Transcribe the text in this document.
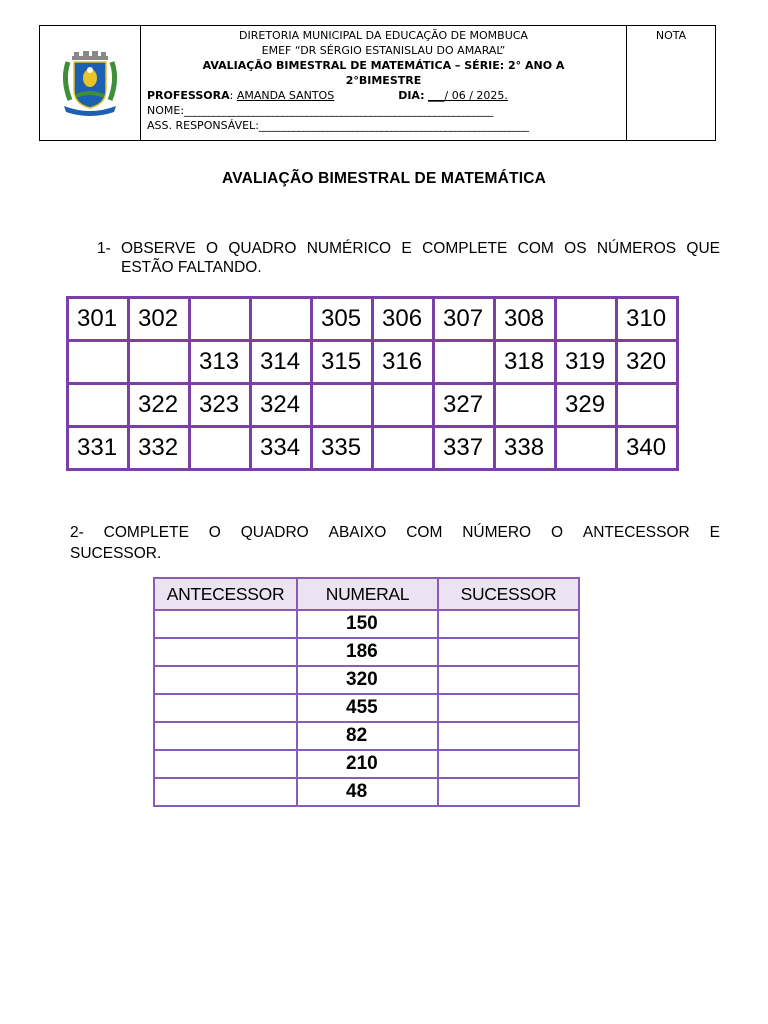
DIRETORIA MUNICIPAL DA EDUCAÇÃO DE MOMBUCA
EMEF “DR SÉRGIO ESTANISLAU DO AMARAL”
AVALIAÇÃO BIMESTRAL DE MATEMÁTICA – SÉRIE: 2° ANO A
2°BIMESTRE
PROFESSORA : AMANDA SANTOS	DIA:
___/ 06 / 2025.
NOME: _______________________________________________________________
ASS. RESPONSÁVEL: _______________________________________________________
NOTA
AVALIAÇÃO BIMESTRAL DE MATEMÁTICA
1- OBSERVE O QUADRO NUMÉRICO E COMPLETE COM OS NÚMEROS QUE
ESTÃO FALTANDO.
301	302			305	306	307	308		310
		313	314	315	316		318	319	320
	322	323	324			327		329	
331	332		334	335		337	338		340
2- COMPLETE O QUADRO ABAIXO COM NÚMERO O ANTECESSOR E
SUCESSOR.
ANTECESSOR	NUMERAL	SUCESSOR
	150	
	186	
	320	
	455	
	82	
	210	
	48	
